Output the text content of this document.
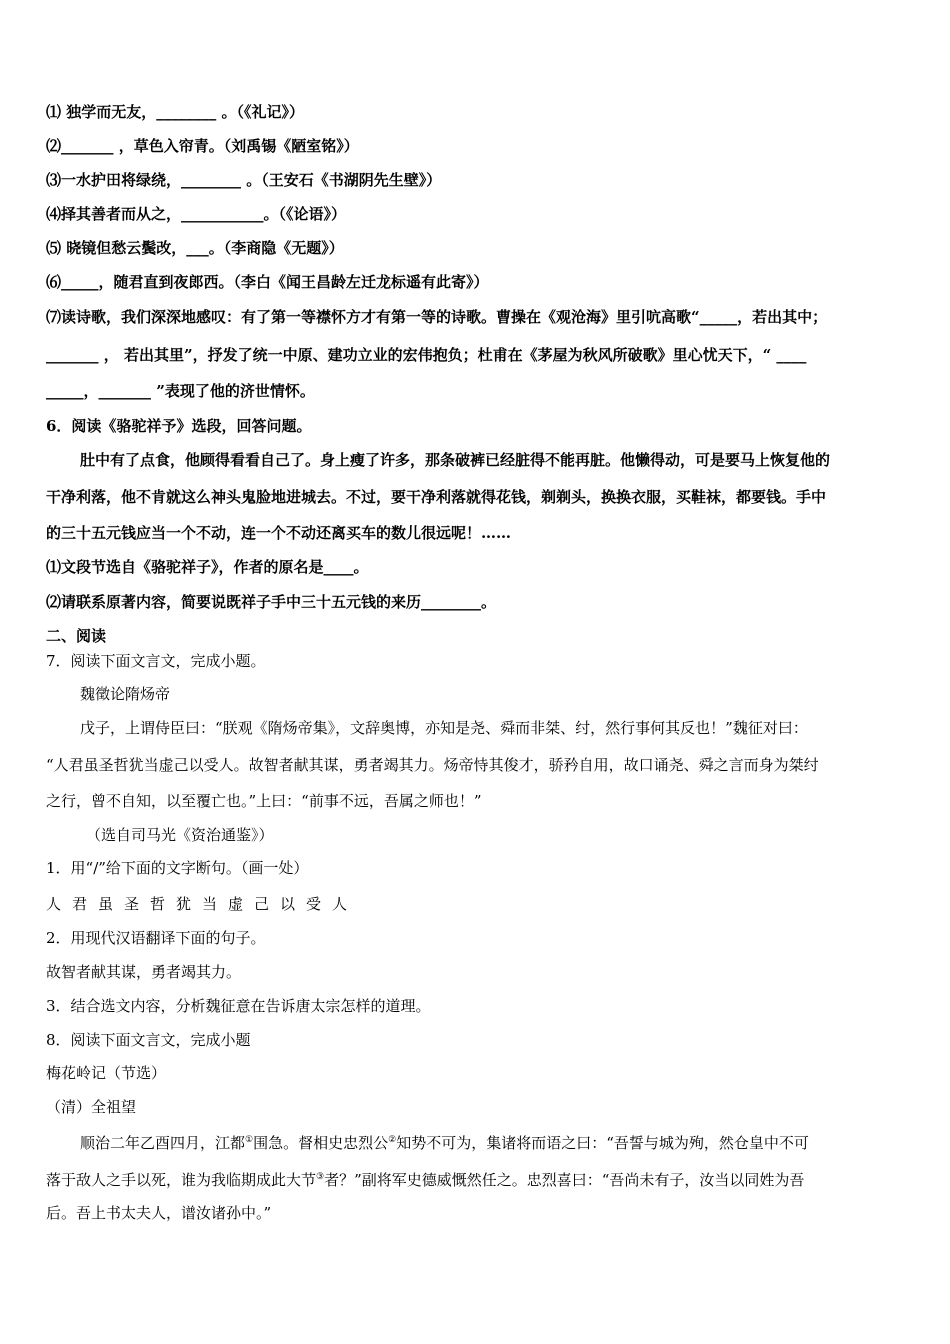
⑴ 独学而无友，________ 。（《礼记》）
⑵_______ ，草色入帘青。（刘禹锡《陋室铭》）
⑶一水护田将绿绕，________ 。（王安石《书湖阴先生壁》）
⑷择其善者而从之，___________。（《论语》）
⑸ 晓镜但愁云鬓改，___。（李商隐《无题》）
⑹_____，随君直到夜郎西。（李白《闻王昌龄左迁龙标遥有此寄》）
⑺读诗歌，我们深深地感叹：有了第一等襟怀方才有第一等的诗歌。曹操在《观沧海》里引吭高歌“_____，若出其中；
_______ ， 若出其里”，抒发了统一中原、建功立业的宏伟抱负；杜甫在《茅屋为秋风所破歌》里心忧天下，“ ____
_____，_______ ”表现了他的济世情怀。
6．阅读《骆驼祥予》选段，回答问题。
肚中有了点食，他顾得看看自己了。身上瘦了许多，那条破裤已经脏得不能再脏。他懒得动，可是要马上恢复他的
干净利落，他不肯就这么神头鬼脸地进城去。不过，要干净利落就得花钱，剃剃头，换换衣服，买鞋袜，都要钱。手中
的三十五元钱应当一个不动，连一个不动还离买车的数儿很远呢！……
⑴文段节选自《骆驼祥子》，作者的原名是____。
⑵请联系原著内容，简要说既祥子手中三十五元钱的来历________。
二、阅读
7．阅读下面文言文，完成小题。
魏徵论隋炀帝
戊子，上谓侍臣曰：“朕观《隋炀帝集》，文辞奥博，亦知是尧、舜而非桀、纣，然行事何其反也！”魏征对曰：
“人君虽圣哲犹当虚己以受人。故智者献其谋，勇者竭其力。炀帝恃其俊才，骄矜自用，故口诵尧、舜之言而身为桀纣
之行，曾不自知，以至覆亡也。”上曰：“前事不远，吾属之师也！”
（选自司马光《资治通鉴》）
1．用“/”给下面的文字断句。（画一处）
人君虽圣哲犹当虚己以受人
2．用现代汉语翻译下面的句子。
故智者献其谋，勇者竭其力。
3．结合选文内容，分析魏征意在告诉唐太宗怎样的道理。
8．阅读下面文言文，完成小题
梅花岭记（节选）
（清）全祖望
顺治二年乙酉四月，江都①围急。督相史忠烈公②知势不可为，集诸将而语之曰：“吾誓与城为殉，然仓皇中不可
落于敌人之手以死，谁为我临期成此大节③者？”副将军史德威慨然任之。忠烈喜曰：“吾尚未有子，汝当以同姓为吾
后。吾上书太夫人，谱汝诸孙中。”
